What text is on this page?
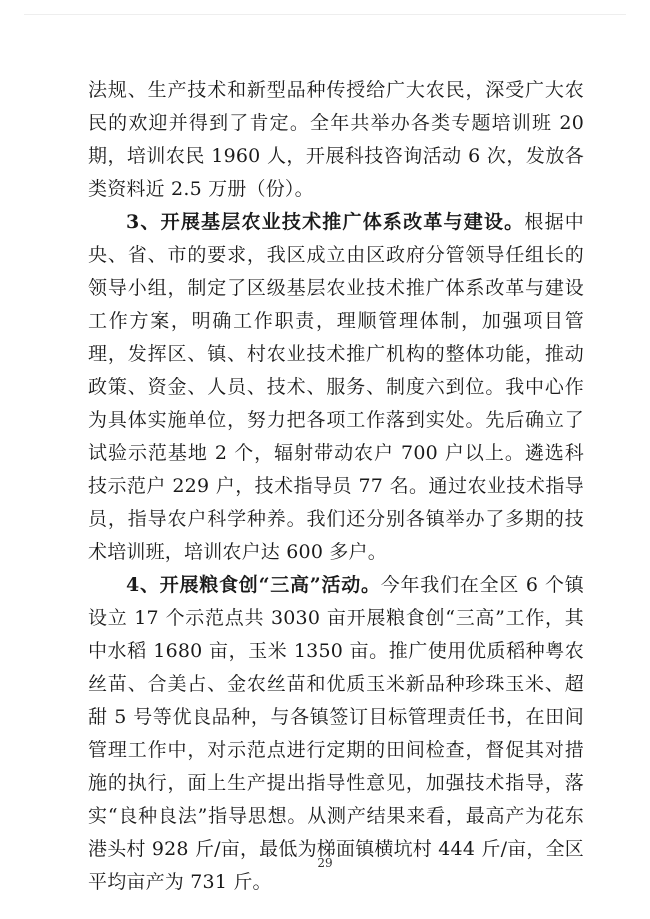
法规、生产技术和新型品种传授给广大农民，深受广大农民的欢迎并得到了肯定。全年共举办各类专题培训班 20 期，培训农民 1960 人，开展科技咨询活动 6 次，发放各类资料近 2.5 万册（份）。

3、开展基层农业技术推广体系改革与建设。根据中央、省、市的要求，我区成立由区政府分管领导任组长的领导小组，制定了区级基层农业技术推广体系改革与建设工作方案，明确工作职责，理顺管理体制，加强项目管理，发挥区、镇、村农业技术推广机构的整体功能，推动政策、资金、人员、技术、服务、制度六到位。我中心作为具体实施单位，努力把各项工作落到实处。先后确立了试验示范基地 2 个，辐射带动农户 700 户以上。遴选科技示范户 229 户，技术指导员 77 名。通过农业技术指导员，指导农户科学种养。我们还分别各镇举办了多期的技术培训班，培训农户达 600 多户。

4、开展粮食创“三高”活动。今年我们在全区 6 个镇设立 17 个示范点共 3030 亩开展粮食创“三高”工作，其中水稻 1680 亩，玉米 1350 亩。推广使用优质稻种粤农丝苗、合美占、金农丝苗和优质玉米新品种珍珠玉米、超甜 5 号等优良品种，与各镇签订目标管理责任书，在田间管理工作中，对示范点进行定期的田间检查，督促其对措施的执行，面上生产提出指导性意见，加强技术指导，落实“良种良法”指导思想。从测产结果来看，最高产为花东港头村 928 斤/亩，最低为梯面镇横坑村 444 斤/亩，全区平均亩产为 731 斤。

29
